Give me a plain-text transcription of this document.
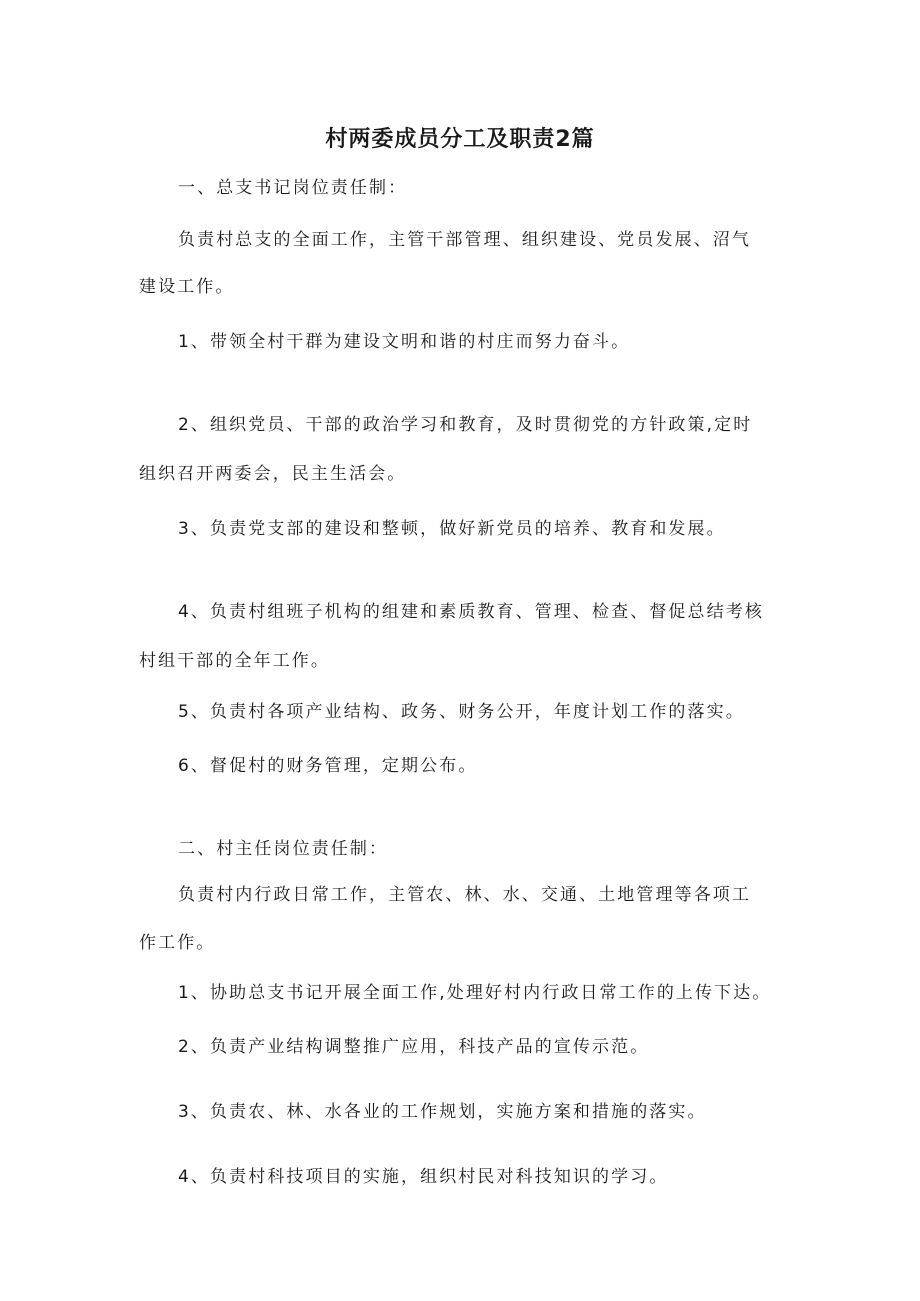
村两委成员分工及职责2篇
一、总支书记岗位责任制：
负责村总支的全面工作，主管干部管理、组织建设、党员发展、沼气
建设工作。
1、带领全村干群为建设文明和谐的村庄而努力奋斗。
2、组织党员、干部的政治学习和教育，及时贯彻党的方针政策,定时
组织召开两委会，民主生活会。
3、负责党支部的建设和整顿，做好新党员的培养、教育和发展。
4、负责村组班子机构的组建和素质教育、管理、检查、督促总结考核
村组干部的全年工作。
5、负责村各项产业结构、政务、财务公开，年度计划工作的落实。
6、督促村的财务管理，定期公布。
二、村主任岗位责任制：
负责村内行政日常工作，主管农、林、水、交通、土地管理等各项工
作工作。
1、协助总支书记开展全面工作,处理好村内行政日常工作的上传下达。
2、负责产业结构调整推广应用，科技产品的宣传示范。
3、负责农、林、水各业的工作规划，实施方案和措施的落实。
4、负责村科技项目的实施，组织村民对科技知识的学习。
